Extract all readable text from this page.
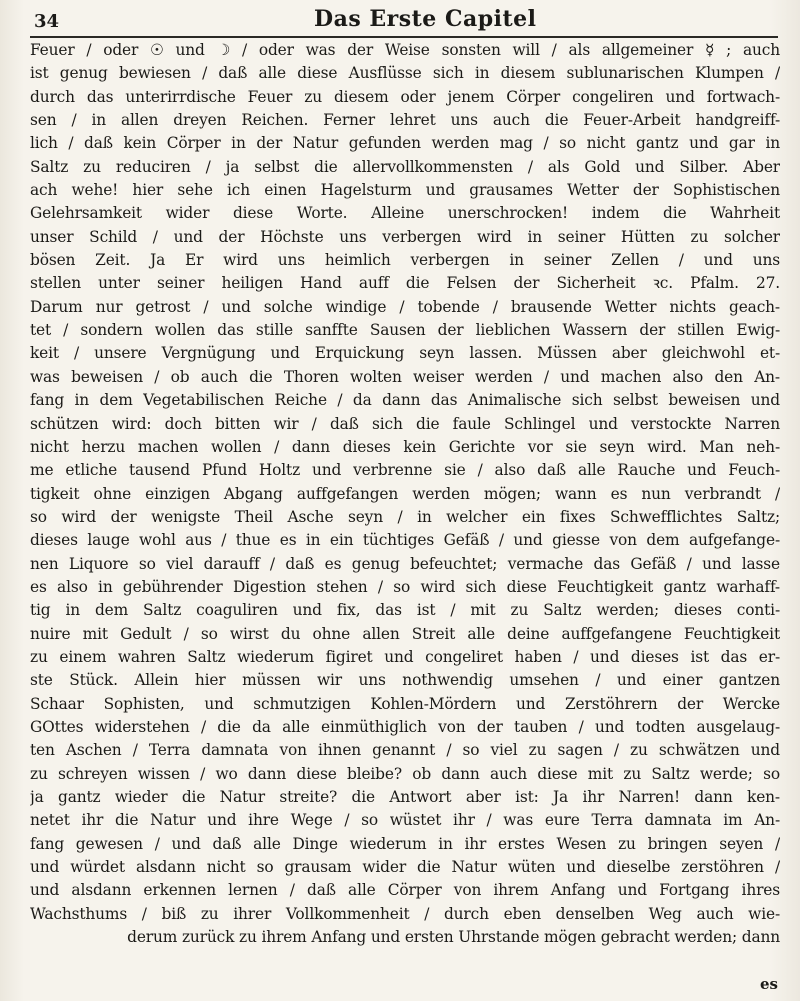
34	Das Erste Capitel
Feuer / oder ☉ und ☽ / oder was der Weise sonsten will / als allgemeiner ☿ ; auch
ist genug bewiesen / daß alle diese Ausflüsse sich in diesem sublunarischen Klumpen /
durch das unterirrdische Feuer zu diesem oder jenem Cörper congeliren und fortwach-
sen / in allen dreyen Reichen. Ferner lehret uns auch die Feuer-Arbeit handgreiff-
lich / daß kein Cörper in der Natur gefunden werden mag / so nicht gantz und gar in
Saltz zu reduciren / ja selbst die allervollkommensten / als Gold und Silber. Aber
ach wehe! hier sehe ich einen Hagelsturm und grausames Wetter der Sophistischen
Gelehrsamkeit wider diese Worte. Alleine unerschrocken! indem die Wahrheit
unser Schild / und der Höchste uns verbergen wird in seiner Hütten zu solcher
bösen Zeit. Ja Er wird uns heimlich verbergen in seiner Zellen / und uns
stellen unter seiner heiligen Hand auff die Felsen der Sicherheit ꝛc. Pfalm. 27.
Darum nur getrost / und solche windige / tobende / brausende Wetter nichts geach-
tet / sondern wollen das stille sanffte Sausen der lieblichen Wassern der stillen Ewig-
keit / unsere Vergnügung und Erquickung seyn lassen. Müssen aber gleichwohl et-
was beweisen / ob auch die Thoren wolten weiser werden / und machen also den An-
fang in dem Vegetabilischen Reiche / da dann das Animalische sich selbst beweisen und
schützen wird: doch bitten wir / daß sich die faule Schlingel und verstockte Narren
nicht herzu machen wollen / dann dieses kein Gerichte vor sie seyn wird. Man neh-
me etliche tausend Pfund Holtz und verbrenne sie / also daß alle Rauche und Feuch-
tigkeit ohne einzigen Abgang auffgefangen werden mögen; wann es nun verbrandt /
so wird der wenigste Theil Asche seyn / in welcher ein fixes Schwefflichtes Saltz;
dieses lauge wohl aus / thue es in ein tüchtiges Gefäß / und giesse von dem aufgefange-
nen Liquore so viel darauff / daß es genug befeuchtet; vermache das Gefäß / und lasse
es also in gebührender Digestion stehen / so wird sich diese Feuchtigkeit gantz warhaff-
tig in dem Saltz coaguliren und fix, das ist / mit zu Saltz werden; dieses conti-
nuire mit Gedult / so wirst du ohne allen Streit alle deine auffgefangene Feuchtigkeit
zu einem wahren Saltz wiederum figiret und congeliret haben / und dieses ist das er-
ste Stück. Allein hier müssen wir uns nothwendig umsehen / und einer gantzen
Schaar Sophisten, und schmutzigen Kohlen-Mördern und Zerstöhrern der Wercke
GOttes widerstehen / die da alle einmüthiglich von der tauben / und todten ausgelaug-
ten Aschen / Terra damnata von ihnen genannt / so viel zu sagen / zu schwätzen und
zu schreyen wissen / wo dann diese bleibe? ob dann auch diese mit zu Saltz werde; so
ja gantz wieder die Natur streite? die Antwort aber ist: Ja ihr Narren! dann ken-
netet ihr die Natur und ihre Wege / so wüstet ihr / was eure Terra damnata im An-
fang gewesen / und daß alle Dinge wiederum in ihr erstes Wesen zu bringen seyen /
und würdet alsdann nicht so grausam wider die Natur wüten und dieselbe zerstöhren /
und alsdann erkennen lernen / daß alle Cörper von ihrem Anfang und Fortgang ihres
Wachsthums / biß zu ihrer Vollkommenheit / durch eben denselben Weg auch wie-
derum zurück zu ihrem Anfang und ersten Uhrstande mögen gebracht werden; dann
es
